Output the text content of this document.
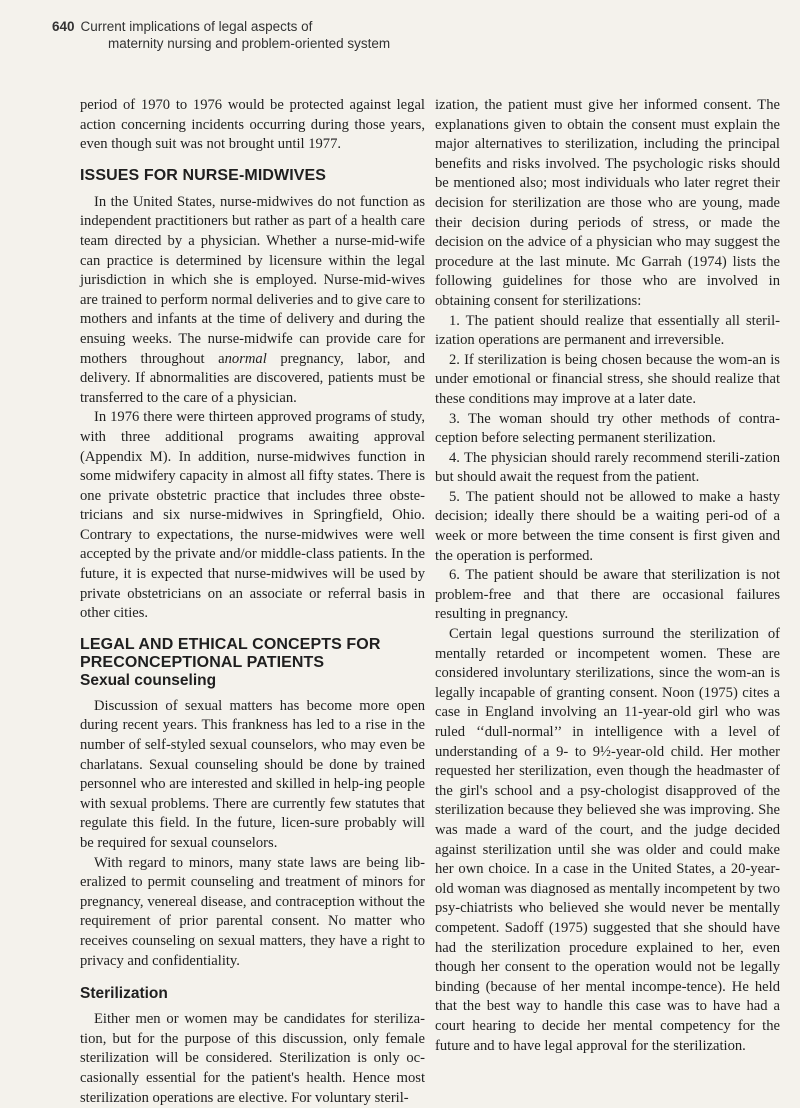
640 Current implications of legal aspects of
maternity nursing and problem-oriented system

period of 1970 to 1976 would be protected against legal action concerning incidents occurring during those years, even though suit was not brought until 1977.

ISSUES FOR NURSE-MIDWIVES

In the United States, nurse-midwives do not function as independent practitioners but rather as part of a health care team directed by a physician. Whether a nurse-mid-wife can practice is determined by licensure within the legal jurisdiction in which she is employed. Nurse-mid-wives are trained to perform normal deliveries and to give care to mothers and infants at the time of delivery and during the ensuing weeks. The nurse-midwife can provide care for mothers throughout anormal pregnancy, labor, and delivery. If abnormalities are discovered, patients must be transferred to the care of a physician.

In 1976 there were thirteen approved programs of study, with three additional programs awaiting approval (Appendix M). In addition, nurse-midwives function in some midwifery capacity in almost all fifty states. There is one private obstetric practice that includes three obste-tricians and six nurse-midwives in Springfield, Ohio. Contrary to expectations, the nurse-midwives were well accepted by the private and/or middle-class patients. In the future, it is expected that nurse-midwives will be used by private obstetricians on an associate or referral basis in other cities.

LEGAL AND ETHICAL CONCEPTS FOR PRECONCEPTIONAL PATIENTS
Sexual counseling

Discussion of sexual matters has become more open during recent years. This frankness has led to a rise in the number of self-styled sexual counselors, who may even be charlatans. Sexual counseling should be done by trained personnel who are interested and skilled in help-ing people with sexual problems. There are currently few statutes that regulate this field. In the future, licen-sure probably will be required for sexual counselors.

With regard to minors, many state laws are being lib-eralized to permit counseling and treatment of minors for pregnancy, venereal disease, and contraception without the requirement of prior parental consent. No matter who receives counseling on sexual matters, they have a right to privacy and confidentiality.

Sterilization

Either men or women may be candidates for steriliza-tion, but for the purpose of this discussion, only female sterilization will be considered. Sterilization is only oc-casionally essential for the patient's health. Hence most sterilization operations are elective. For voluntary steril-

ization, the patient must give her informed consent. The explanations given to obtain the consent must explain the major alternatives to sterilization, including the principal benefits and risks involved. The psychologic risks should be mentioned also; most individuals who later regret their decision for sterilization are those who are young, made their decision during periods of stress, or made the decision on the advice of a physician who may suggest the procedure at the last minute. Mc Garrah (1974) lists the following guidelines for those who are involved in obtaining consent for sterilizations:

1. The patient should realize that essentially all steril-ization operations are permanent and irreversible.
2. If sterilization is being chosen because the wom-an is under emotional or financial stress, she should realize that these conditions may improve at a later date.
3. The woman should try other methods of contra-ception before selecting permanent sterilization.
4. The physician should rarely recommend sterili-zation but should await the request from the patient.
5. The patient should not be allowed to make a hasty decision; ideally there should be a waiting peri-od of a week or more between the time consent is first given and the operation is performed.
6. The patient should be aware that sterilization is not problem-free and that there are occasional failures resulting in pregnancy.

Certain legal questions surround the sterilization of mentally retarded or incompetent women. These are considered involuntary sterilizations, since the wom-an is legally incapable of granting consent. Noon (1975) cites a case in England involving an 11-year-old girl who was ruled ‘‘dull-normal’’ in intelligence with a level of understanding of a 9- to 9½-year-old child. Her mother requested her sterilization, even though the headmaster of the girl's school and a psy-chologist disapproved of the sterilization because they believed she was improving. She was made a ward of the court, and the judge decided against sterilization until she was older and could make her own choice. In a case in the United States, a 20-year-old woman was diagnosed as mentally incompetent by two psy-chiatrists who believed she would never be mentally competent. Sadoff (1975) suggested that she should have had the sterilization procedure explained to her, even though her consent to the operation would not be legally binding (because of her mental incompe-tence). He held that the best way to handle this case was to have had a court hearing to decide her mental competency for the future and to have legal approval for the sterilization.
